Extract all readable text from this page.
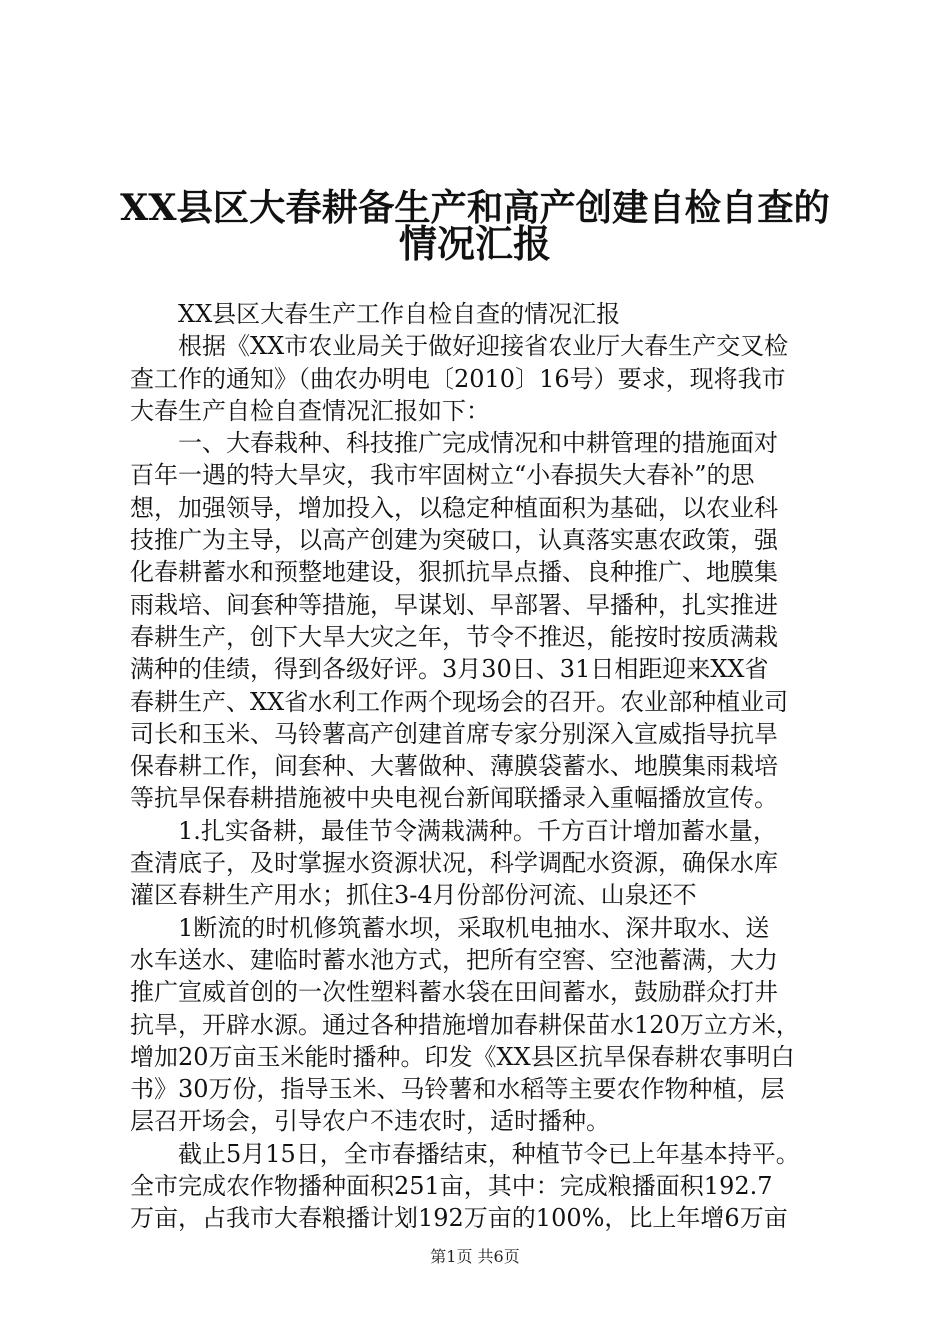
XX县区大春耕备生产和高产创建自检自查的
情况汇报
XX县区大春生产工作自检自查的情况汇报
根据《XX市农业局关于做好迎接省农业厅大春生产交叉检
查工作的通知》（曲农办明电〔2010〕16号）要求，现将我市
大春生产自检自查情况汇报如下：
一、大春栽种、科技推广完成情况和中耕管理的措施面对
百年一遇的特大旱灾，我市牢固树立“小春损失大春补”的思
想，加强领导，增加投入，以稳定种植面积为基础，以农业科
技推广为主导，以高产创建为突破口，认真落实惠农政策，强
化春耕蓄水和预整地建设，狠抓抗旱点播、良种推广、地膜集
雨栽培、间套种等措施，早谋划、早部署、早播种，扎实推进
春耕生产，创下大旱大灾之年，节令不推迟，能按时按质满栽
满种的佳绩，得到各级好评。3月30日、31日相距迎来XX省
春耕生产、XX省水利工作两个现场会的召开。农业部种植业司
司长和玉米、马铃薯高产创建首席专家分别深入宣威指导抗旱
保春耕工作，间套种、大薯做种、薄膜袋蓄水、地膜集雨栽培
等抗旱保春耕措施被中央电视台新闻联播录入重幅播放宣传。
1.扎实备耕，最佳节令满栽满种。千方百计增加蓄水量，
查清底子，及时掌握水资源状况，科学调配水资源，确保水库
灌区春耕生产用水；抓住3-4月份部份河流、山泉还不
1断流的时机修筑蓄水坝，采取机电抽水、深井取水、送
水车送水、建临时蓄水池方式，把所有空窖、空池蓄满，大力
推广宣威首创的一次性塑料蓄水袋在田间蓄水，鼓励群众打井
抗旱，开辟水源。通过各种措施增加春耕保苗水120万立方米，
增加20万亩玉米能时播种。印发《XX县区抗旱保春耕农事明白
书》30万份，指导玉米、马铃薯和水稻等主要农作物种植，层
层召开场会，引导农户不违农时，适时播种。
截止5月15日，全市春播结束，种植节令已上年基本持平。
全市完成农作物播种面积251亩，其中：完成粮播面积192.7
万亩，占我市大春粮播计划192万亩的100%，比上年增6万亩
第1页 共6页
